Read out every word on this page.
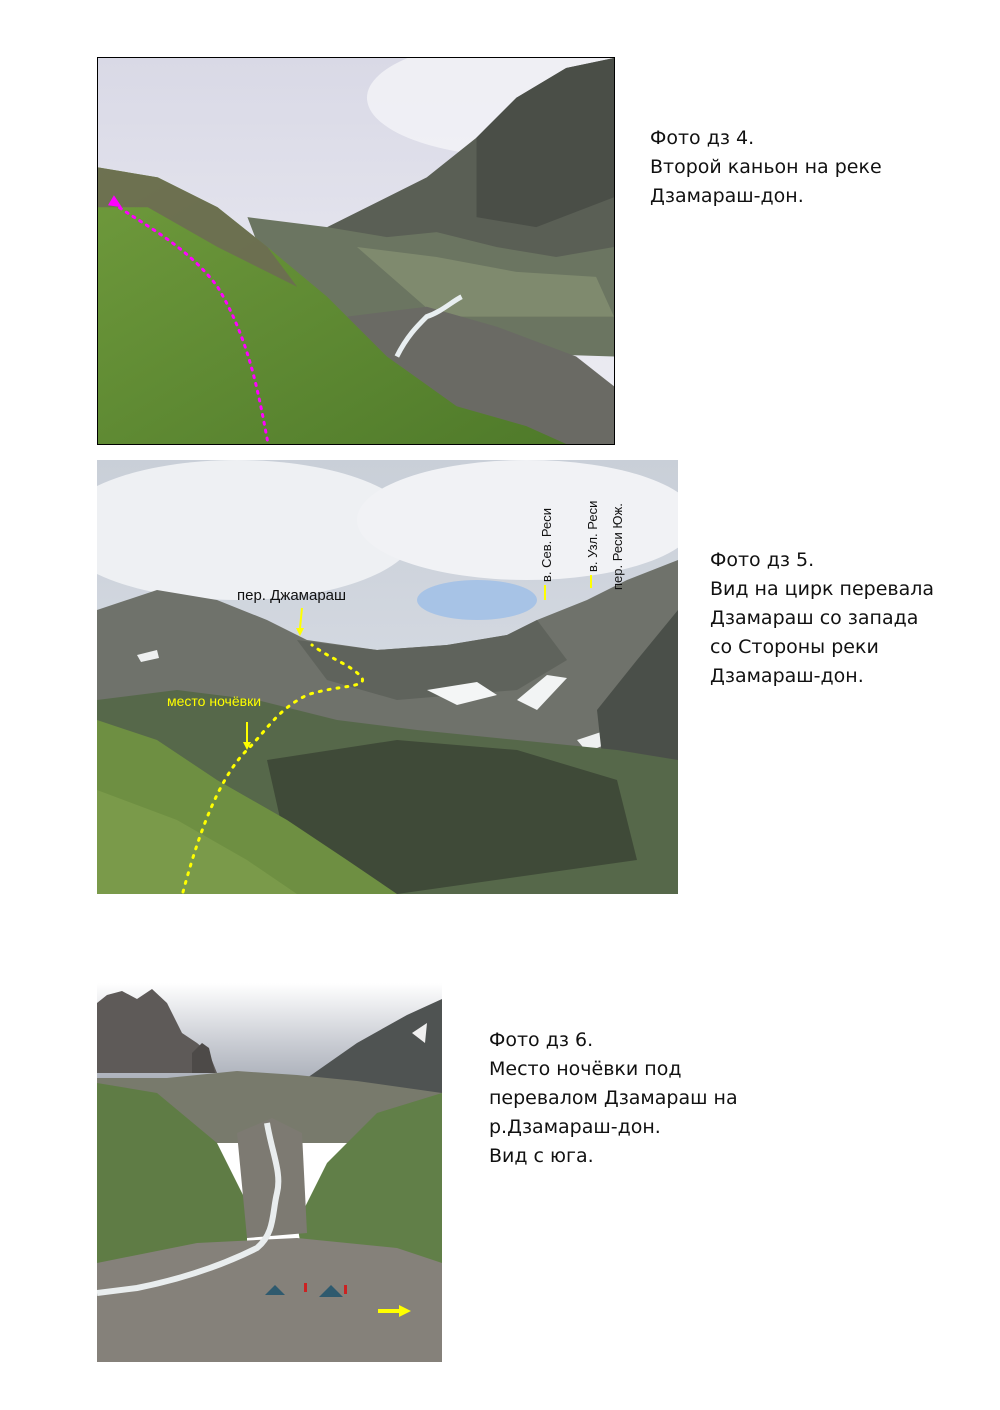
Фото дз 4.
Второй каньон на реке
Дзамараш-дон.
пер. Джамараш
место ночёвки
в. Сев. Реси в. Узл. Реси пер. Реси Юж.	Фото дз 5.
Вид на цирк перевала
Дзамараш со запада
со Стороны реки
Дзамараш-дон.
Фото дз 6.
Место ночёвки под
перевалом Дзамараш на
р.Дзамараш-дон.
Вид с юга.
